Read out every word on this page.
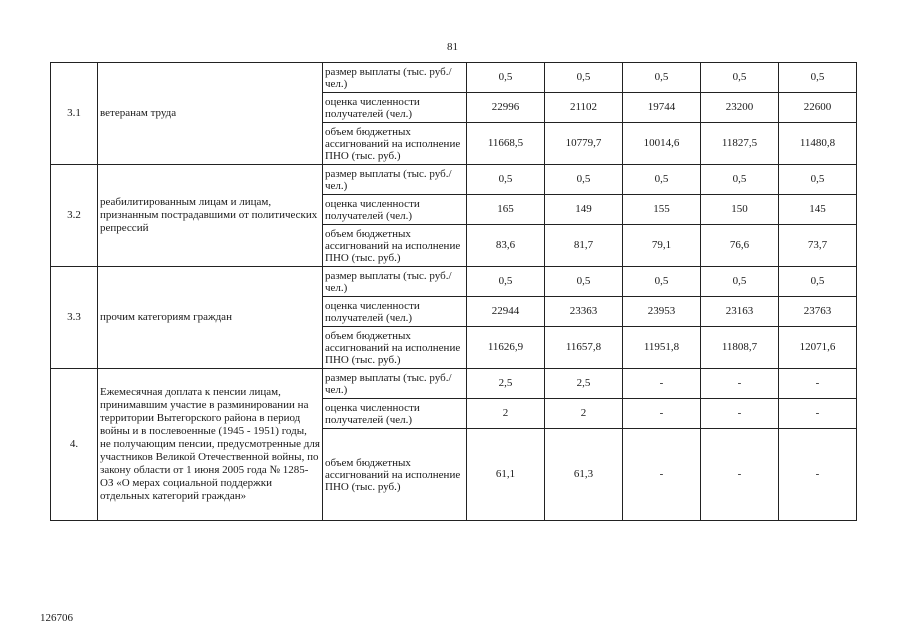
81
3.1	ветеранам труда	размер выплаты (тыс. руб./чел.)	0,5	0,5	0,5	0,5	0,5
		оценка численности получателей (чел.)	22996	21102	19744	23200	22600
		объем бюджетных ассигнований на исполнение ПНО (тыс. руб.)	11668,5	10779,7	10014,6	11827,5	11480,8
3.2	реабилитированным лицам и лицам, признанным пострадавшими от политических репрессий	размер выплаты (тыс. руб./чел.)	0,5	0,5	0,5	0,5	0,5
		оценка численности получателей (чел.)	165	149	155	150	145
		объем бюджетных ассигнований на исполнение ПНО (тыс. руб.)	83,6	81,7	79,1	76,6	73,7
3.3	прочим категориям граждан	размер выплаты (тыс. руб./чел.)	0,5	0,5	0,5	0,5	0,5
		оценка численности получателей (чел.)	22944	23363	23953	23163	23763
		объем бюджетных ассигнований на исполнение ПНО (тыс. руб.)	11626,9	11657,8	11951,8	11808,7	12071,6
4.	Ежемесячная доплата к пенсии лицам, принимавшим участие в разминировании на территории Вытегорского района в период войны и в послевоенные (1945 - 1951) годы, не получающим пенсии, предусмотренные для участников Великой Отечественной войны, по закону области от 1 июня 2005 года № 1285-ОЗ «О мерах социальной поддержки отдельных категорий граждан»	размер выплаты (тыс. руб./чел.)	2,5	2,5	-	-	-
		оценка численности получателей (чел.)	2	2	-	-	-
		объем бюджетных ассигнований на исполнение ПНО (тыс. руб.)	61,1	61,3	-	-	-
126706
